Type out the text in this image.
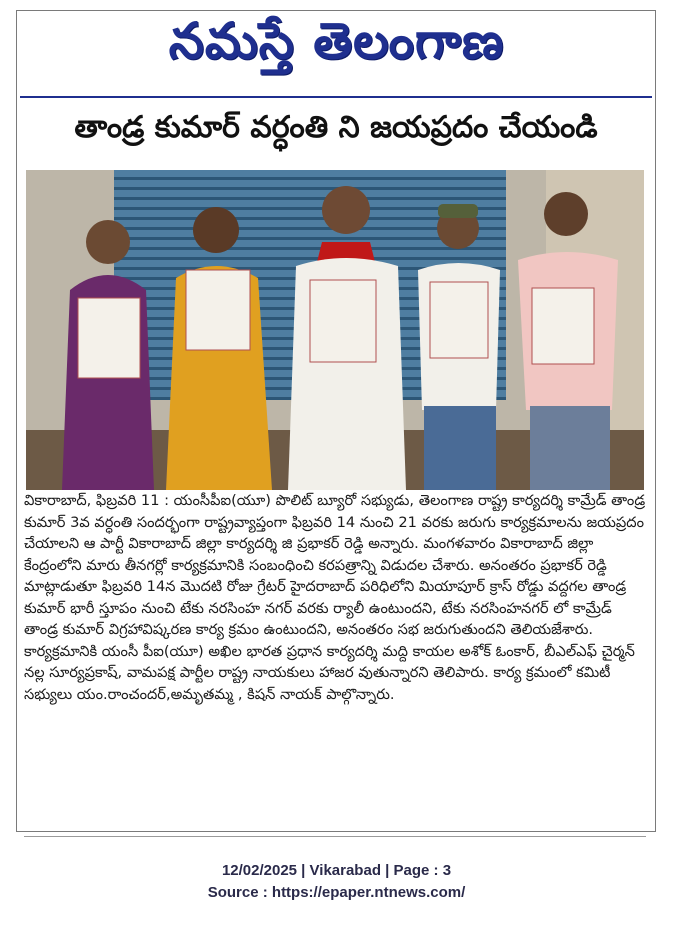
నమస్తే తెలంగాణ
తాండ్ర కుమార్ వర్ధంతి ని జయప్రదం చేయండి

వికారాబాద్, ఫిబ్రవరి 11 : యంసీపీఐ(యూ) పొలిట్ బ్యూరో సభ్యుడు, తెలంగాణ రాష్ట్ర కార్యదర్శి కామ్రేడ్ తాండ్ర కుమార్ 3వ వర్ధంతి సందర్భంగా రాష్ట్రవ్యాప్తంగా ఫిబ్రవరి 14 నుంచి 21 వరకు జరుగు కార్యక్రమాలను జయప్రదం చేయాలని ఆ పార్టీ వికారాబాద్ జిల్లా కార్యదర్శి జి ప్రభాకర్ రెడ్డి అన్నారు. మంగళవారం వికారాబాద్ జిల్లా కేంద్రంలోని మారు తీనగర్లో కార్యక్రమానికి సంబంధించి కరపత్రాన్ని విడుదల చేశారు. అనంతరం ప్రభాకర్ రెడ్డి మాట్లాడుతూ ఫిబ్రవరి 14న మొదటి రోజు గ్రేటర్ హైదరాబాద్ పరిధిలోని మియాపూర్ క్రాస్ రోడ్డు వద్దగల తాండ్ర కుమార్ భారీ స్తూపం నుంచి టేకు నరసింహ నగర్ వరకు ర్యాలీ ఉంటుందని, టేకు నరసింహనగర్ లో కామ్రేడ్ తాండ్ర కుమార్ విగ్రహావిష్కరణ కార్య క్రమం ఉంటుందని, అనంతరం సభ జరుగుతుందని తెలియజేశారు. కార్యక్రమానికి యంసీ పీఐ(యూ) అఖిల భారత ప్రధాన కార్యదర్శి మద్ది కాయల అశోక్ ఓంకార్, బీఎల్ఎఫ్ చైర్మన్ నల్ల సూర్యప్రకాష్, వామపక్ష పార్టీల రాష్ట్ర నాయకులు హాజర వుతున్నారని తెలిపారు. కార్య క్రమంలో కమిటీ సభ్యులు యం.రాంచందర్,అమృతమ్మ , కిషన్ నాయక్ పాల్గొన్నారు.

12/02/2025 | Vikarabad | Page : 3
Source : https://epaper.ntnews.com/
